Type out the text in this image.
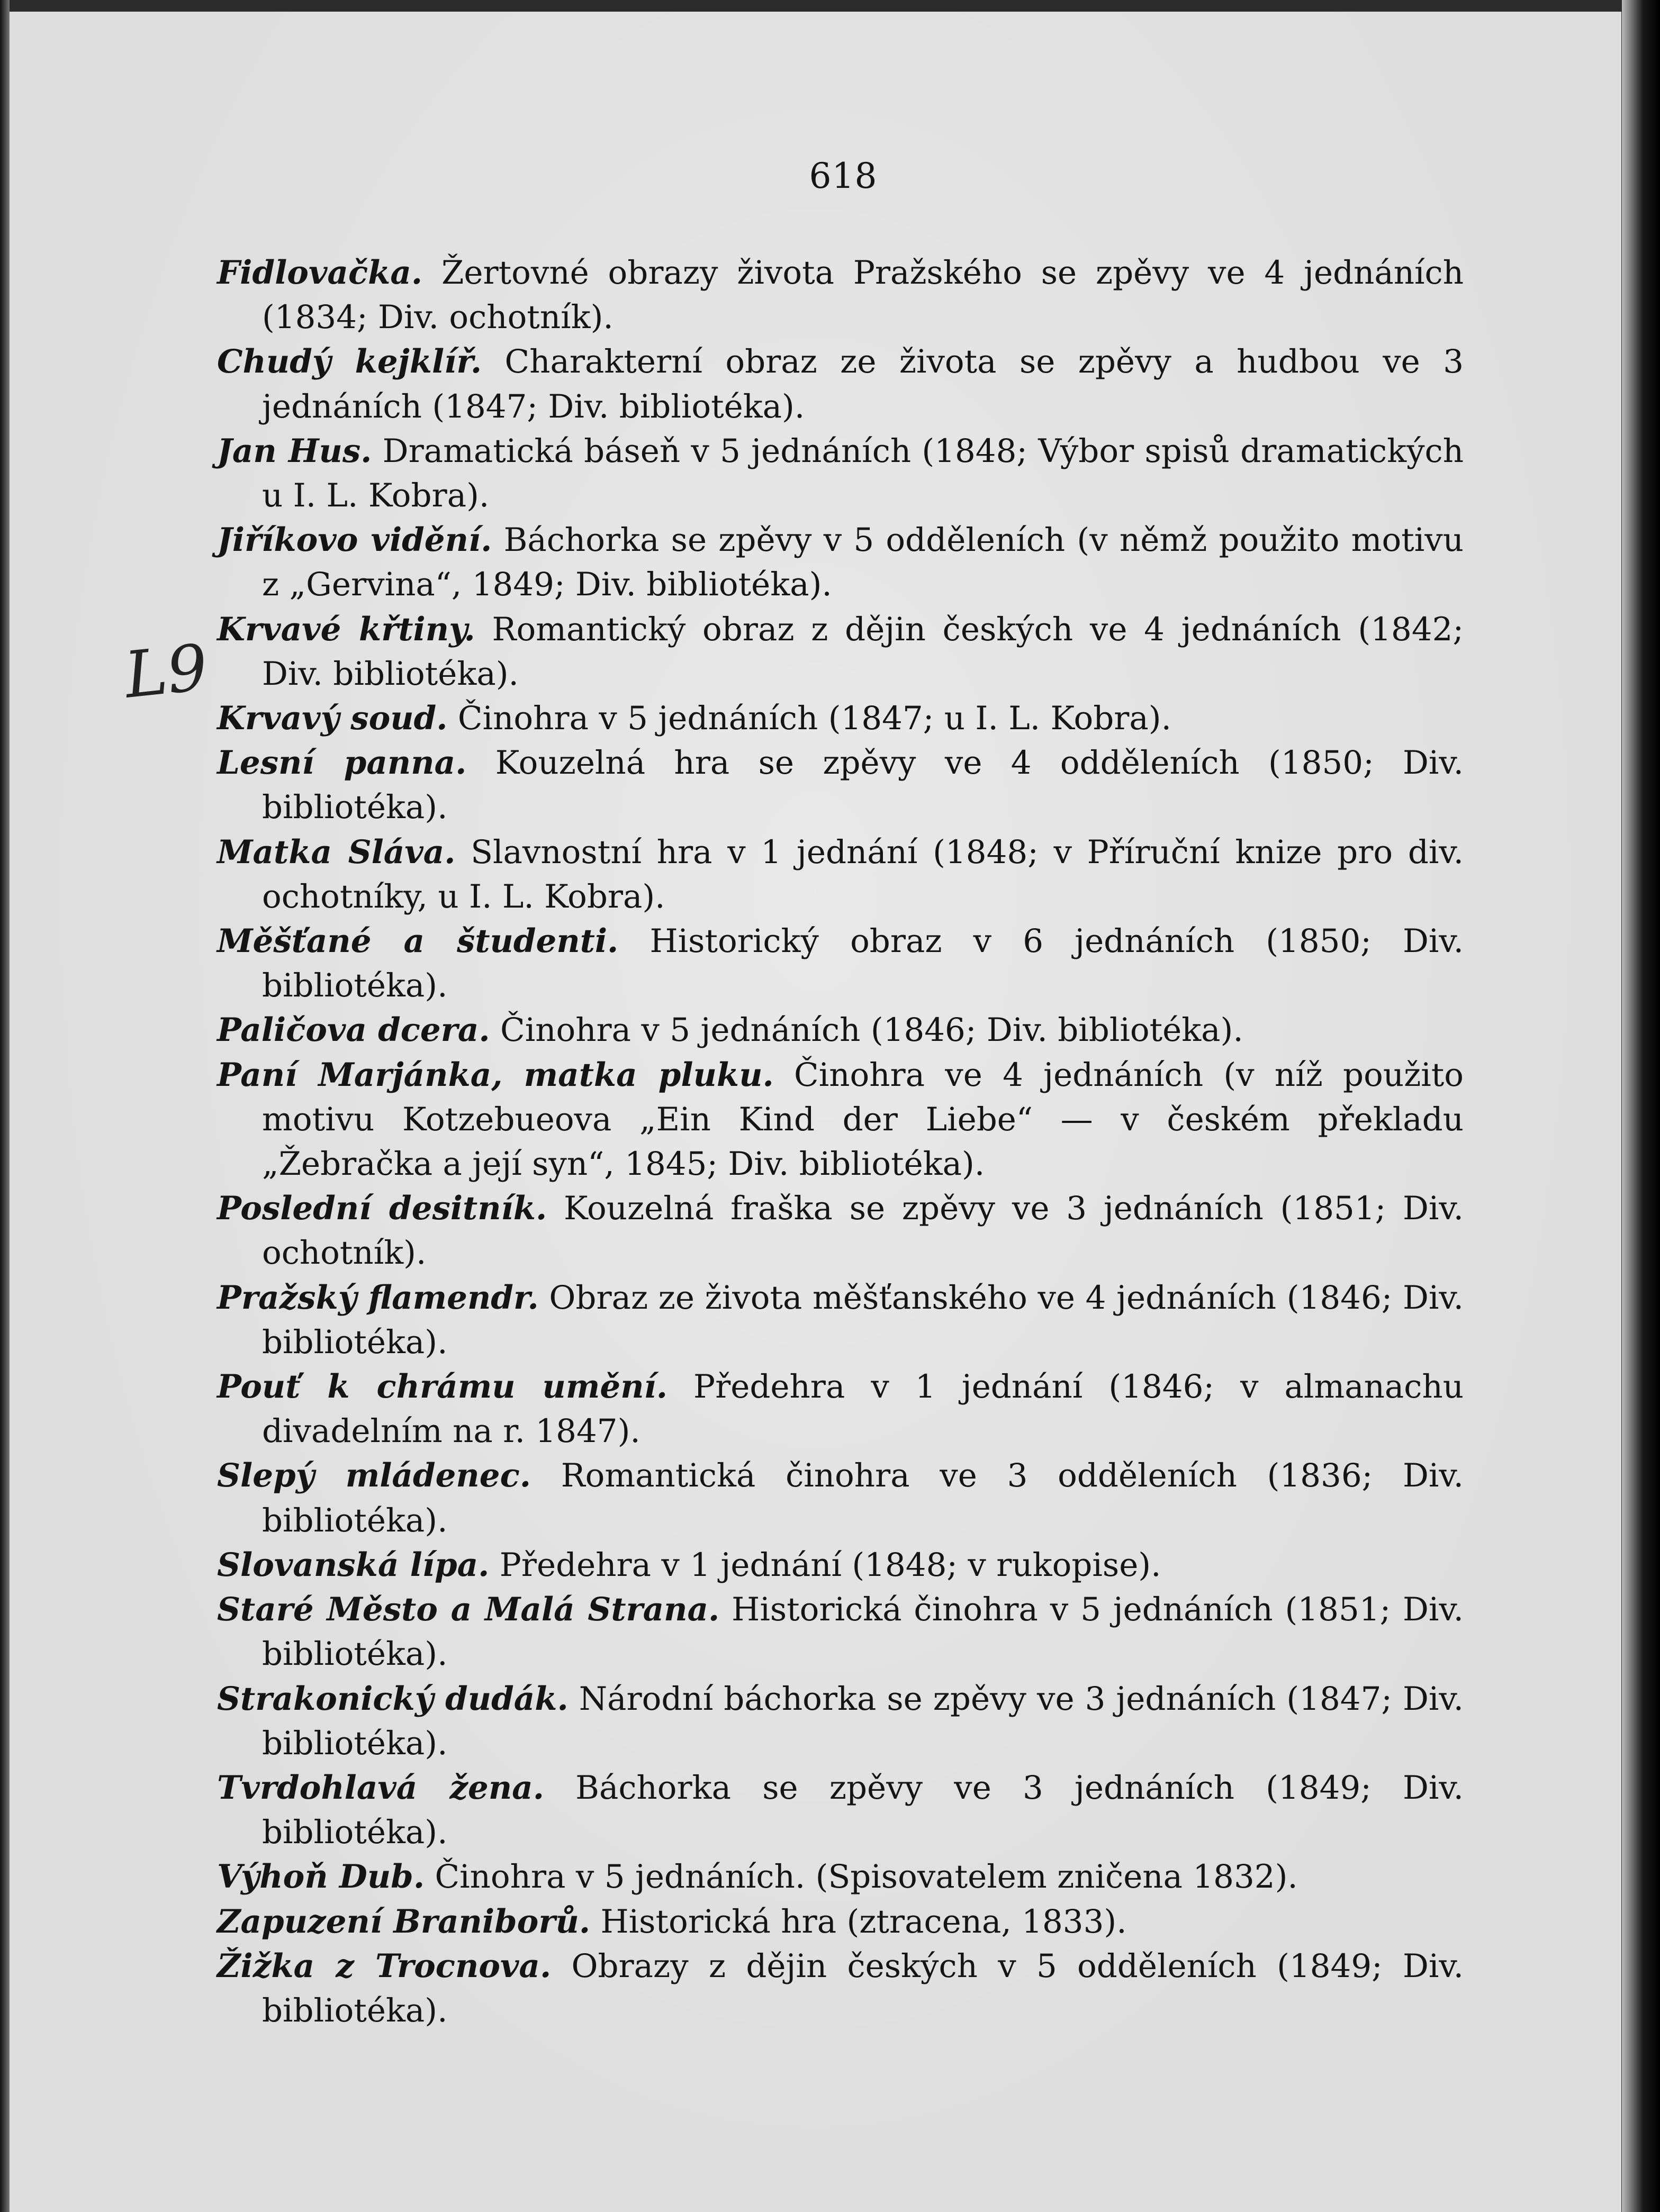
618
L9

Fidlovačka. Žertovné obrazy života Pražského se zpěvy ve 4 jednáních (1834; Div. ochotník).

Chudý kejklíř. Charakterní obraz ze života se zpěvy a hudbou ve 3 jednáních (1847; Div. bibliotéka).

Jan Hus. Dramatická báseň v 5 jednáních (1848; Výbor spisů dramatických u I. L. Kobra).

Jiříkovo vidění. Báchorka se zpěvy v 5 odděleních (v němž použito motivu z „Gervina“, 1849; Div. bibliotéka).

Krvavé křtiny. Romantický obraz z dějin českých ve 4 jednáních (1842; Div. bibliotéka).

Krvavý soud. Činohra v 5 jednáních (1847; u I. L. Kobra).

Lesní panna. Kouzelná hra se zpěvy ve 4 odděleních (1850; Div. bibliotéka).

Matka Sláva. Slavnostní hra v 1 jednání (1848; v Příruční knize pro div. ochotníky, u I. L. Kobra).

Měšťané a študenti. Historický obraz v 6 jednáních (1850; Div. bibliotéka).

Paličova dcera. Činohra v 5 jednáních (1846; Div. bibliotéka).

Paní Marjánka, matka pluku. Činohra ve 4 jednáních (v níž použito motivu Kotzebueova „Ein Kind der Liebe“ — v českém překladu „Žebračka a její syn“, 1845; Div. bibliotéka).

Poslední desitník. Kouzelná fraška se zpěvy ve 3 jednáních (1851; Div. ochotník).

Pražský flamendr. Obraz ze života měšťanského ve 4 jednáních (1846; Div. bibliotéka).

Pouť k chrámu umění. Předehra v 1 jednání (1846; v almanachu divadelním na r. 1847).

Slepý mládenec. Romantická činohra ve 3 odděleních (1836; Div. bibliotéka).

Slovanská lípa. Předehra v 1 jednání (1848; v rukopise).

Staré Město a Malá Strana. Historická činohra v 5 jednáních (1851; Div. bibliotéka).

Strakonický dudák. Národní báchorka se zpěvy ve 3 jednáních (1847; Div. bibliotéka).

Tvrdohlavá žena. Báchorka se zpěvy ve 3 jednáních (1849; Div. bibliotéka).

Výhoň Dub. Činohra v 5 jednáních. (Spisovatelem zničena 1832).

Zapuzení Braniborů. Historická hra (ztracena, 1833).

Žižka z Trocnova. Obrazy z dějin českých v 5 odděleních (1849; Div. bibliotéka).
